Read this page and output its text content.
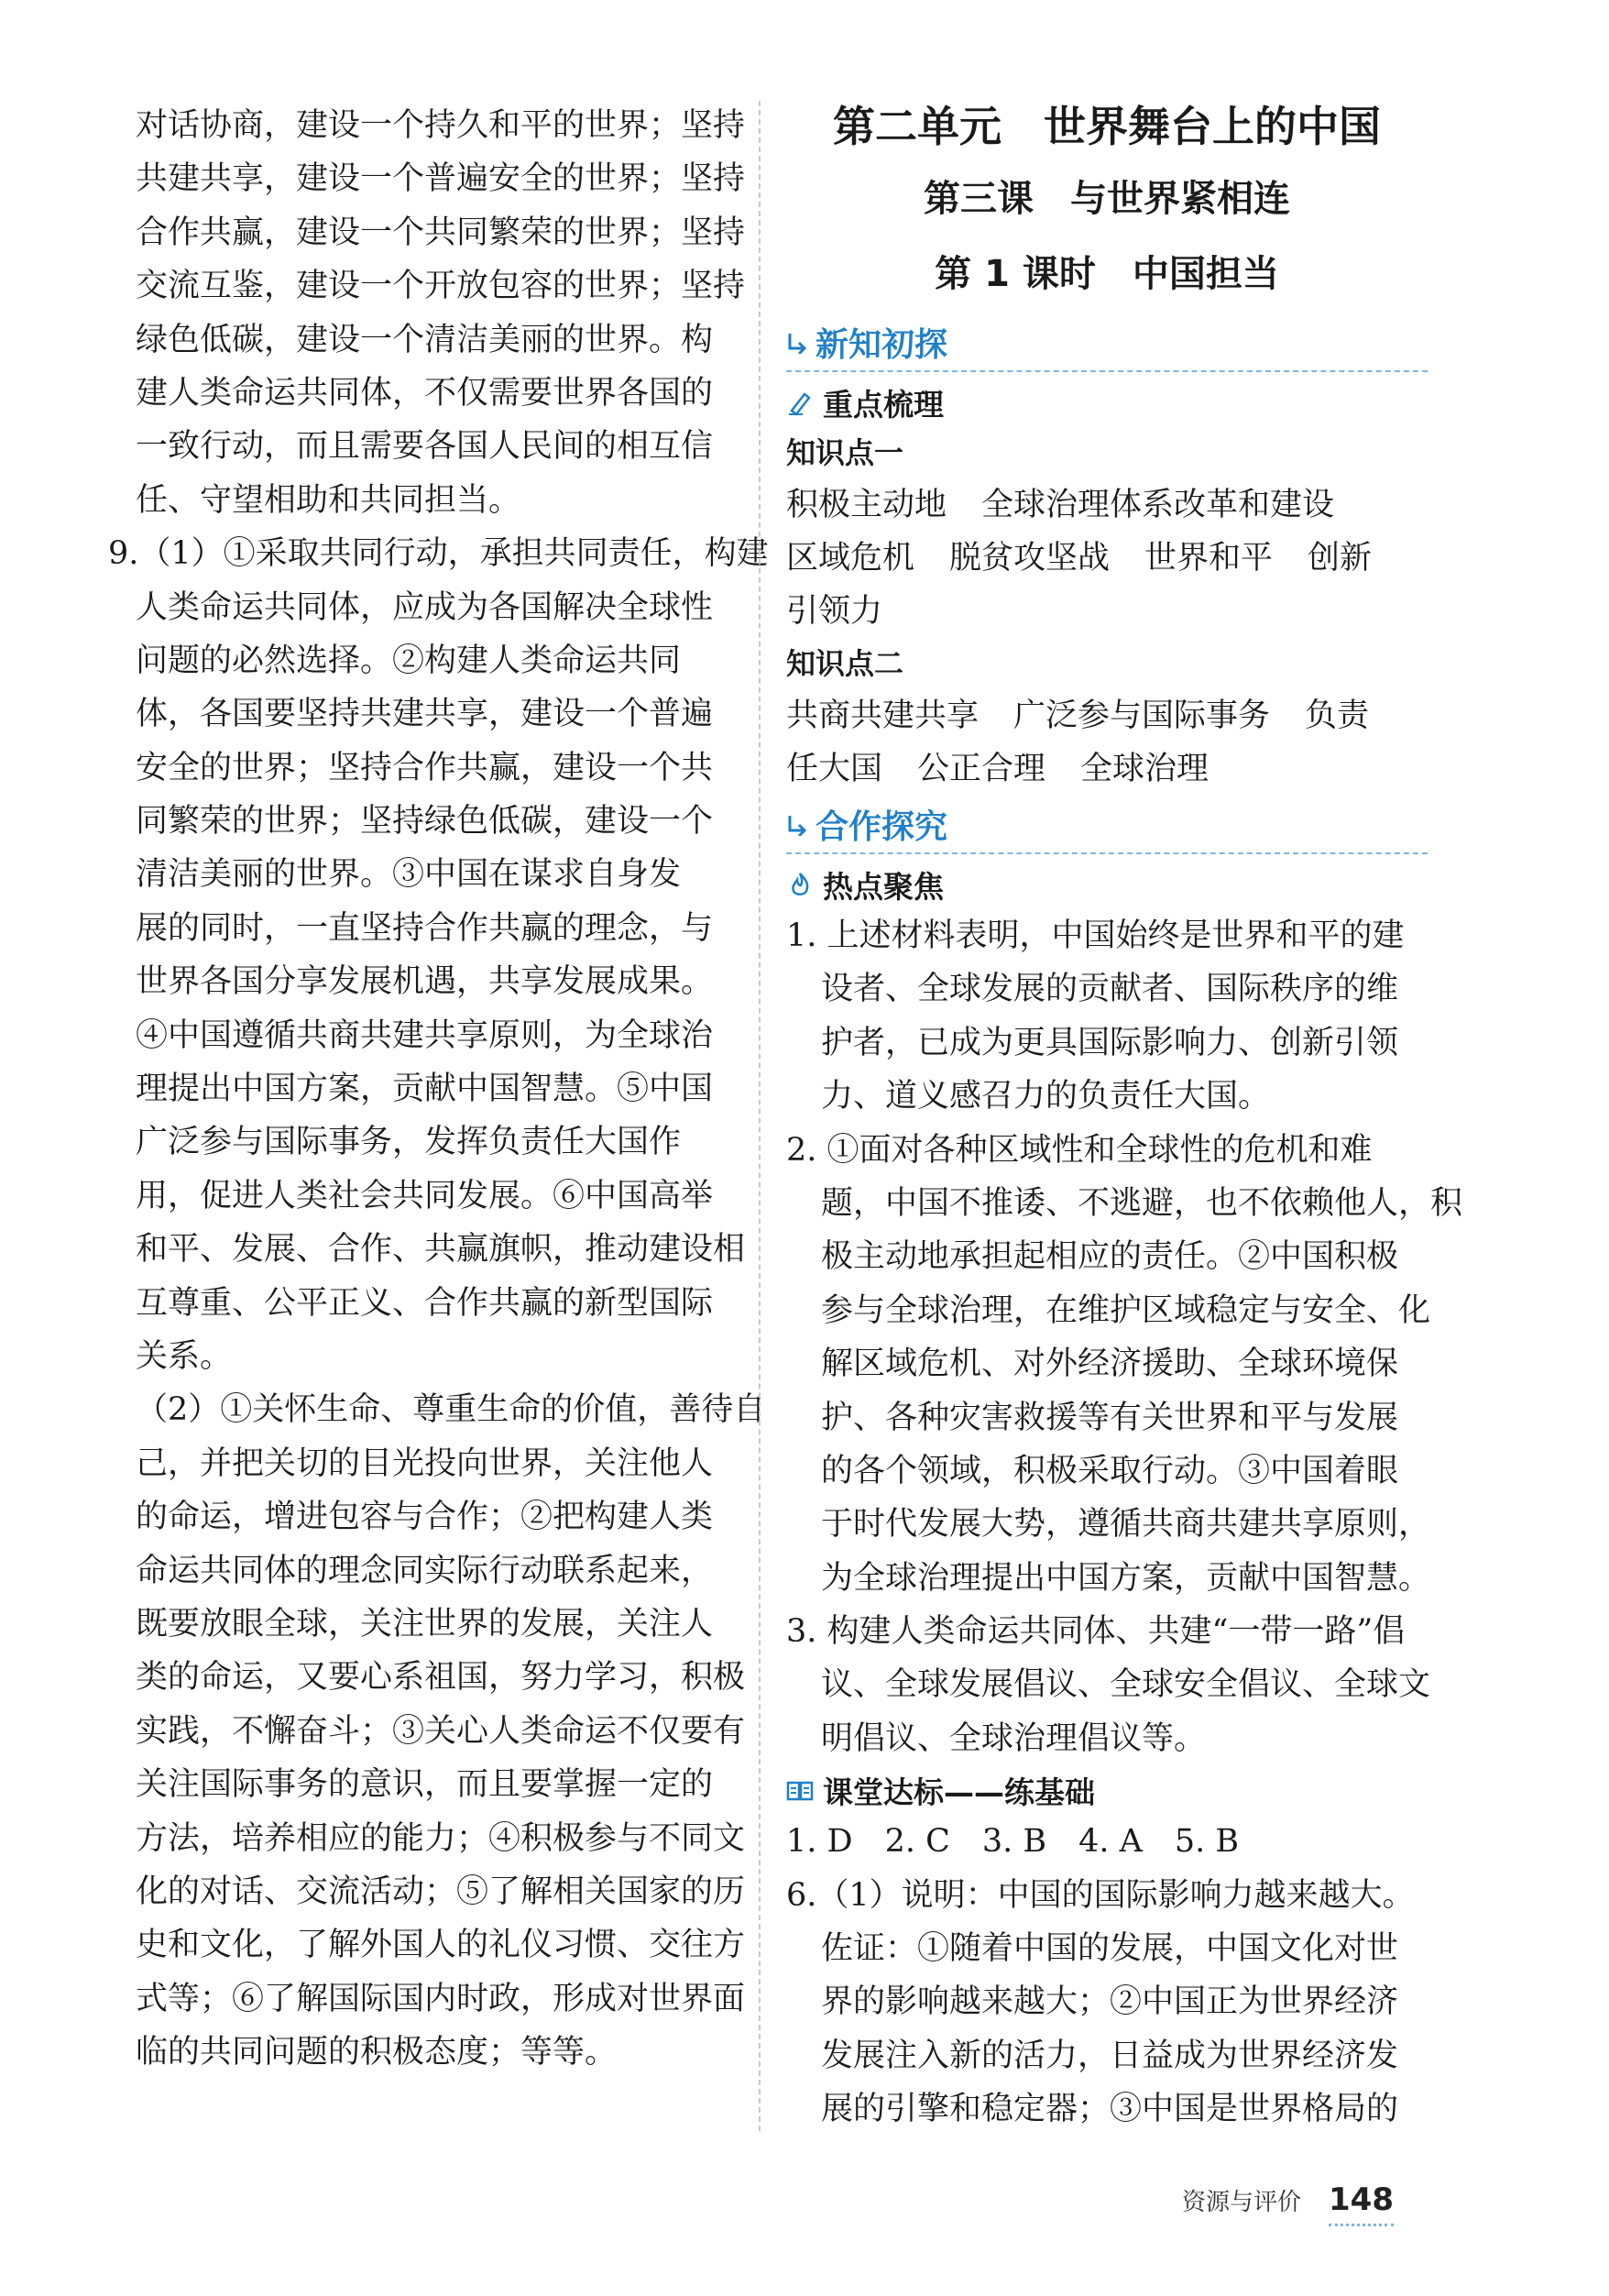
对话协商，建设一个持久和平的世界；坚持
共建共享，建设一个普遍安全的世界；坚持
合作共赢，建设一个共同繁荣的世界；坚持
交流互鉴，建设一个开放包容的世界；坚持
绿色低碳，建设一个清洁美丽的世界。构
建人类命运共同体，不仅需要世界各国的
一致行动，而且需要各国人民间的相互信
任、守望相助和共同担当。
9.（1）①采取共同行动，承担共同责任，构建
人类命运共同体，应成为各国解决全球性
问题的必然选择。②构建人类命运共同
体，各国要坚持共建共享，建设一个普遍
安全的世界；坚持合作共赢，建设一个共
同繁荣的世界；坚持绿色低碳，建设一个
清洁美丽的世界。③中国在谋求自身发
展的同时，一直坚持合作共赢的理念，与
世界各国分享发展机遇，共享发展成果。
④中国遵循共商共建共享原则，为全球治
理提出中国方案，贡献中国智慧。⑤中国
广泛参与国际事务，发挥负责任大国作
用，促进人类社会共同发展。⑥中国高举
和平、发展、合作、共赢旗帜，推动建设相
互尊重、公平正义、合作共赢的新型国际
关系。
（2）①关怀生命、尊重生命的价值，善待自
己，并把关切的目光投向世界，关注他人
的命运，增进包容与合作；②把构建人类
命运共同体的理念同实际行动联系起来，
既要放眼全球，关注世界的发展，关注人
类的命运，又要心系祖国，努力学习，积极
实践，不懈奋斗；③关心人类命运不仅要有
关注国际事务的意识，而且要掌握一定的
方法，培养相应的能力；④积极参与不同文
化的对话、交流活动；⑤了解相关国家的历
史和文化，了解外国人的礼仪习惯、交往方
式等；⑥了解国际国内时政，形成对世界面
临的共同问题的积极态度；等等。
第二单元　世界舞台上的中国
第三课　与世界紧相连
第 1 课时　中国担当
新知初探
重点梳理
知识点一
积极主动地 全球治理体系改革和建设
区域危机 脱贫攻坚战 世界和平 创新
引领力
知识点二
共商共建共享 广泛参与国际事务 负责
任大国 公正合理 全球治理
合作探究
热点聚焦
1. 上述材料表明，中国始终是世界和平的建
设者、全球发展的贡献者、国际秩序的维
护者，已成为更具国际影响力、创新引领
力、道义感召力的负责任大国。
2. ①面对各种区域性和全球性的危机和难
题，中国不推诿、不逃避，也不依赖他人，积
极主动地承担起相应的责任。②中国积极
参与全球治理，在维护区域稳定与安全、化
解区域危机、对外经济援助、全球环境保
护、各种灾害救援等有关世界和平与发展
的各个领域，积极采取行动。③中国着眼
于时代发展大势，遵循共商共建共享原则，
为全球治理提出中国方案，贡献中国智慧。
3. 构建人类命运共同体、共建“一带一路”倡
议、全球发展倡议、全球安全倡议、全球文
明倡议、全球治理倡议等。
课堂达标——练基础
1. D　2. C　3. B　4. A　5. B
6.（1）说明：中国的国际影响力越来越大。
佐证：①随着中国的发展，中国文化对世
界的影响越来越大；②中国正为世界经济
发展注入新的活力，日益成为世界经济发
展的引擎和稳定器；③中国是世界格局的
资源与评价 148
